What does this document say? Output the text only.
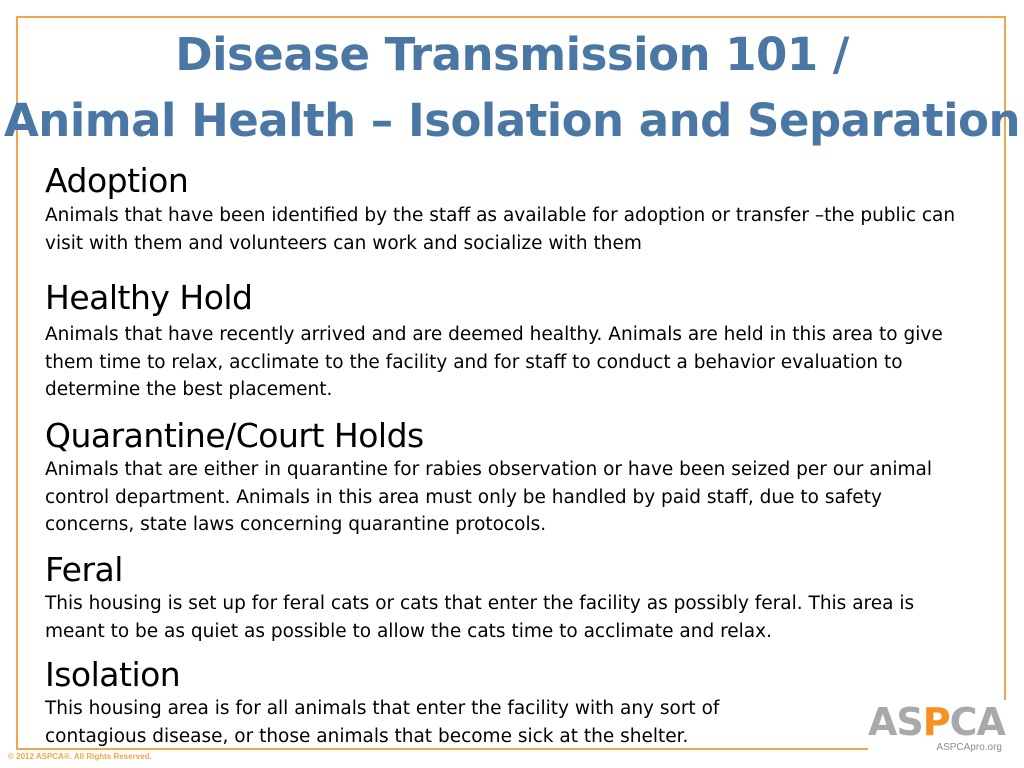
Disease Transmission 101 /
Animal Health – Isolation and Separation
Adoption

Animals that have been identified by the staff as available for adoption or transfer –the public can visit with them and volunteers can work and socialize with them

Healthy Hold

Animals that have recently arrived and are deemed healthy. Animals are held in this area to give them time to relax, acclimate to the facility and for staff to conduct a behavior evaluation to determine the best placement.

Quarantine/Court Holds

Animals that are either in quarantine for rabies observation or have been seized per our animal control department. Animals in this area must only be handled by paid staff, due to safety concerns, state laws concerning quarantine protocols.

Feral

This housing is set up for feral cats or cats that enter the facility as possibly feral. This area is meant to be as quiet as possible to allow the cats time to acclimate and relax.

Isolation

This housing area is for all animals that enter the facility with any sort of contagious disease, or those animals that become sick at the shelter.	ASPCA
ASPCApro.org
© 2012 ASPCA®. All Rights Reserved.
